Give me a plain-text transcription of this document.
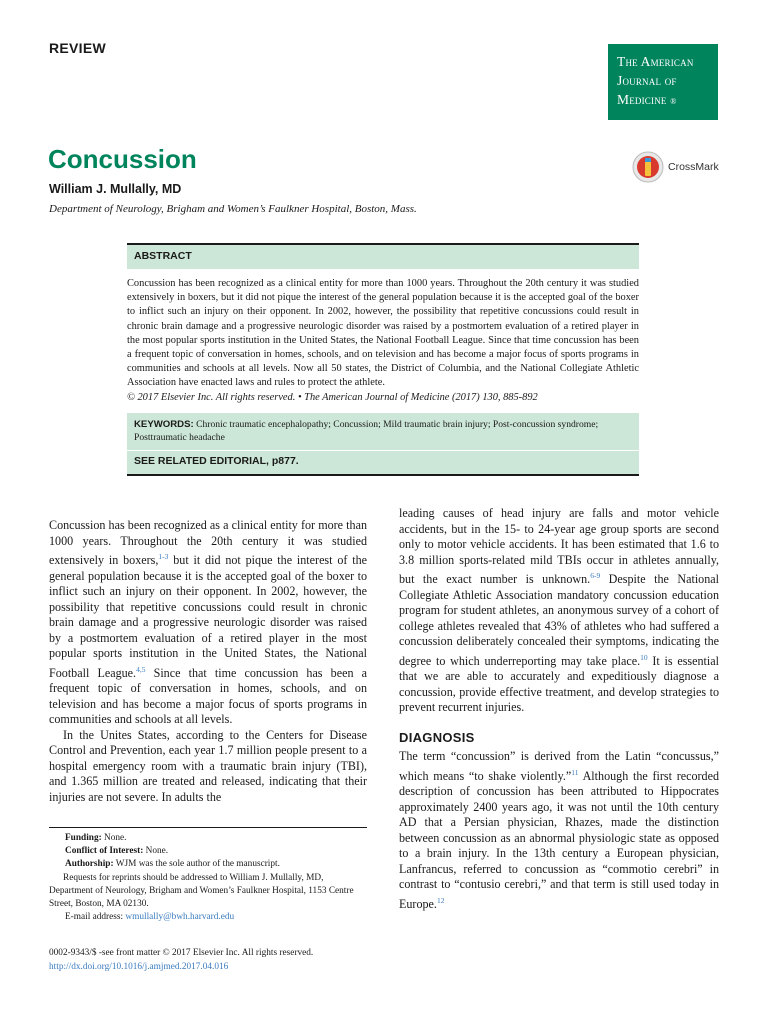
REVIEW
The American
Journal of
Medicine ®
Concussion	CrossMark
William J. Mullally, MD
Department of Neurology, Brigham and Women’s Faulkner Hospital, Boston, Mass.
ABSTRACT
Concussion has been recognized as a clinical entity for more than 1000 years. Throughout the 20th century it was studied extensively in boxers, but it did not pique the interest of the general population because it is the accepted goal of the boxer to inflict such an injury on their opponent. In 2002, however, the possibility that repetitive concussions could result in chronic brain damage and a progressive neurologic disorder was raised by a postmortem evaluation of a retired player in the most popular sports institution in the United States, the National Football League. Since that time concussion has been a frequent topic of conversation in homes, schools, and on television and has become a major focus of sports programs in communities and schools at all levels. Now all 50 states, the District of Columbia, and the National Collegiate Athletic Association have enacted laws and rules to protect the athlete.
© 2017 Elsevier Inc. All rights reserved. • The American Journal of Medicine (2017) 130, 885-892
KEYWORDS: Chronic traumatic encephalopathy; Concussion; Mild traumatic brain injury; Post-concussion syndrome; Posttraumatic headache
SEE RELATED EDITORIAL, p877.

Concussion has been recognized as a clinical entity for more than 1000 years. Throughout the 20th century it was studied extensively in boxers,$^{1-3}$ but it did not pique the interest of the general population because it is the accepted goal of the boxer to inflict such an injury on their opponent. In 2002, however, the possibility that repetitive concussions could result in chronic brain damage and a progressive neurologic disorder was raised by a postmortem evaluation of a retired player in the most popular sports institution in the United States, the National Football League.$^{4,5}$ Since that time concussion has been a frequent topic of conversation in homes, schools, and on television and has become a major focus of sports programs in communities and schools at all levels.

In the Unites States, according to the Centers for Disease Control and Prevention, each year 1.7 million people present to a hospital emergency room with a traumatic brain injury (TBI), and 1.365 million are treated and released, indicating that their injuries are not severe. In adults the

leading causes of head injury are falls and motor vehicle accidents, but in the 15- to 24-year age group sports are second only to motor vehicle accidents. It has been estimated that 1.6 to 3.8 million sports-related mild TBIs occur in athletes annually, but the exact number is unknown.$^{6-9}$ Despite the National Collegiate Athletic Association mandatory concussion education program for student athletes, an anonymous survey of a cohort of college athletes revealed that 43% of athletes who had suffered a concussion deliberately concealed their symptoms, indicating the degree to which underreporting may take place.$^{10}$ It is essential that we are able to accurately and expeditiously diagnose a concussion, provide effective treatment, and develop strategies to prevent recurrent injuries.

DIAGNOSIS

The term “concussion” is derived from the Latin “concussus,” which means “to shake violently.”$^{11}$ Although the first recorded description of concussion has been attributed to Hippocrates approximately 2400 years ago, it was not until the 10th century AD that a Persian physician, Rhazes, made the distinction between concussion as an abnormal physiologic state as opposed to a brain injury. In the 13th century a European physician, Lanfrancus, referred to concussion as “commotio cerebri” in contrast to “contusio cerebri,” and that term is still used today in Europe.$^{12}$

Funding: None.

Conflict of Interest: None.

Authorship: WJM was the sole author of the manuscript.

Requests for reprints should be addressed to William J. Mullally, MD, Department of Neurology, Brigham and Women’s Faulkner Hospital, 1153 Centre Street, Boston, MA 02130.

E-mail address: wmullally@bwh.harvard.edu

0002-9343/$ -see front matter © 2017 Elsevier Inc. All rights reserved.
http://dx.doi.org/10.1016/j.amjmed.2017.04.016
